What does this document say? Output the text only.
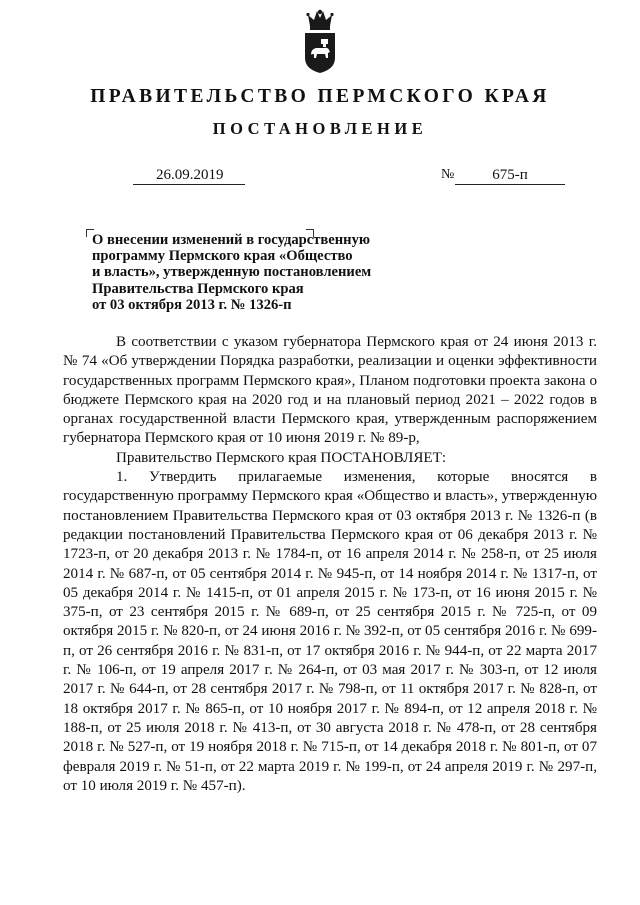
ПРАВИТЕЛЬСТВО ПЕРМСКОГО КРАЯ
ПОСТАНОВЛЕНИЕ
26.09.2019	№	675-п
О внесении изменений в государственную
программу Пермского края «Общество
и власть», утвержденную постановлением
Правительства Пермского края
от 03 октября 2013 г. № 1326-п

В соответствии с указом губернатора Пермского края от 24 июня 2013 г. № 74 «Об утверждении Порядка разработки, реализации и оценки эффективности государственных программ Пермского края», Планом подготовки проекта закона о бюджете Пермского края на 2020 год и на плановый период 2021 – 2022 годов в органах государственной власти Пермского края, утвержденным распоряжением губернатора Пермского края от 10 июня 2019 г. № 89-р,

Правительство Пермского края ПОСТАНОВЛЯЕТ:

1. Утвердить прилагаемые изменения, которые вносятся в государственную программу Пермского края «Общество и власть», утвержденную постановлением Правительства Пермского края от 03 октября 2013 г. № 1326-п (в редакции постановлений Правительства Пермского края от 06 декабря 2013 г. № 1723-п, от 20 декабря 2013 г. № 1784-п, от 16 апреля 2014 г. № 258-п, от 25 июля 2014 г. № 687-п, от 05 сентября 2014 г. № 945-п, от 14 ноября 2014 г. № 1317-п, от 05 декабря 2014 г. № 1415-п, от 01 апреля 2015 г. № 173-п, от 16 июня 2015 г. № 375-п, от 23 сентября 2015 г. № 689-п, от 25 сентября 2015 г. № 725-п, от 09 октября 2015 г. № 820-п, от 24 июня 2016 г. № 392-п, от 05 сентября 2016 г. № 699-п, от 26 сентября 2016 г. № 831-п, от 17 октября 2016 г. № 944-п, от 22 марта 2017 г. № 106-п, от 19 апреля 2017 г. № 264-п, от 03 мая 2017 г. № 303-п, от 12 июля 2017 г. № 644-п, от 28 сентября 2017 г. № 798-п, от 11 октября 2017 г. № 828-п, от 18 октября 2017 г. № 865-п, от 10 ноября 2017 г. № 894-п, от 12 апреля 2018 г. № 188-п, от 25 июля 2018 г. № 413-п, от 30 августа 2018 г. № 478-п, от 28 сентября 2018 г. № 527-п, от 19 ноября 2018 г. № 715-п, от 14 декабря 2018 г. № 801-п, от 07 февраля 2019 г. № 51-п, от 22 марта 2019 г. № 199-п, от 24 апреля 2019 г. № 297-п, от 10 июля 2019 г. № 457-п).
